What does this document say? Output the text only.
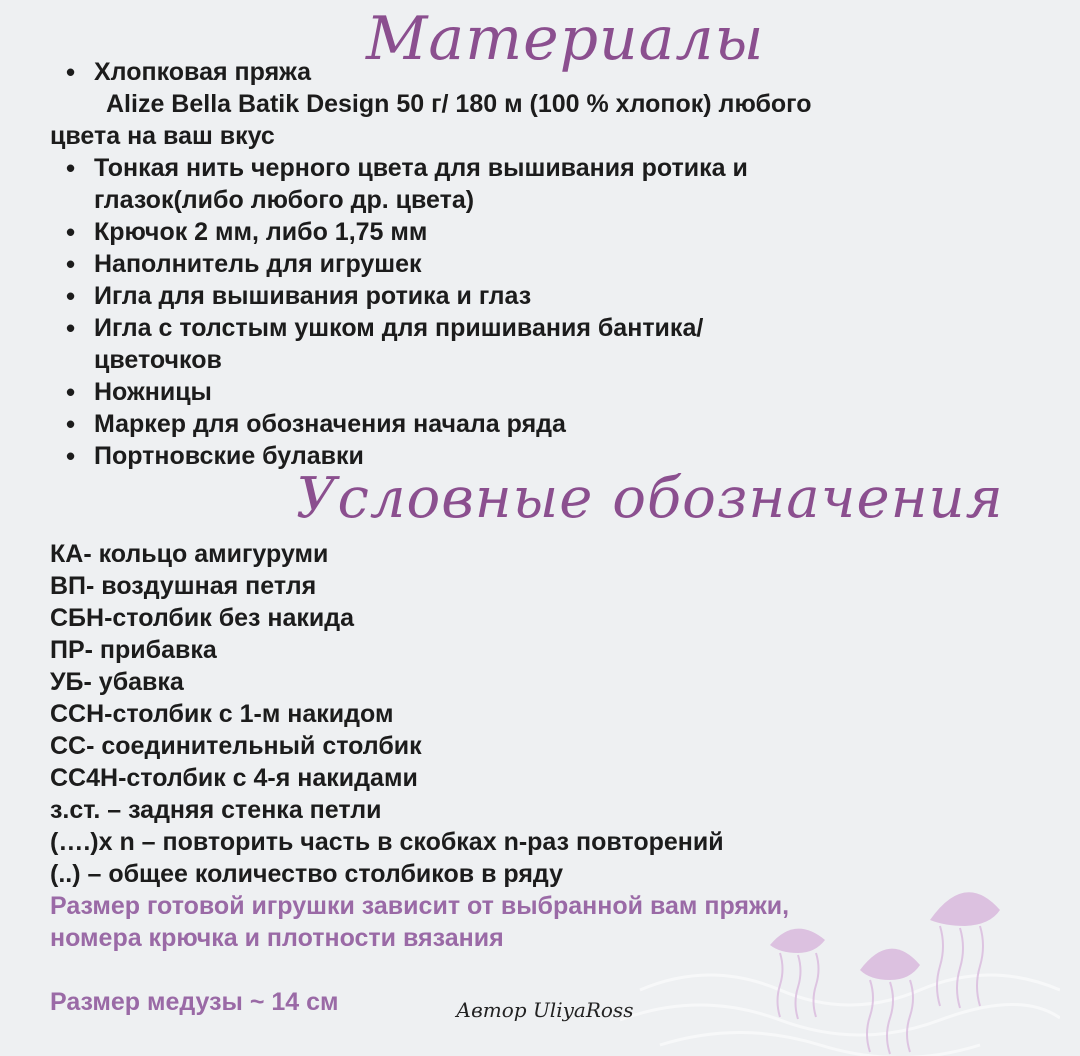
Материалы
• Хлопковая пряжа
Alize Bella Batik Design 50 г/ 180 м (100 % хлопок) любого
цвета на ваш вкус
• Тонкая нить черного цвета для вышивания ротика и
глазок(либо любого др. цвета)
• Крючок 2 мм, либо 1,75 мм
• Наполнитель для игрушек
• Игла для вышивания ротика и глаз
• Игла с толстым ушком для пришивания бантика/
цветочков
• Ножницы
• Маркер для обозначения начала ряда
• Портновские булавки
Условные обозначения
КА- кольцо амигуруми
ВП- воздушная петля
СБН-столбик без накида
ПР- прибавка
УБ- убавка
ССН-столбик с 1-м накидом
СС- соединительный столбик
СС4Н-столбик с 4-я накидами
з.ст. – задняя стенка петли
(….)х n – повторить часть в скобках n-раз повторений
(..) – общее количество столбиков в ряду
Размер готовой игрушки зависит от выбранной вам пряжи,
номера крючка и плотности вязания
Размер медузы ~ 14 см	Автор UliyaRoss
